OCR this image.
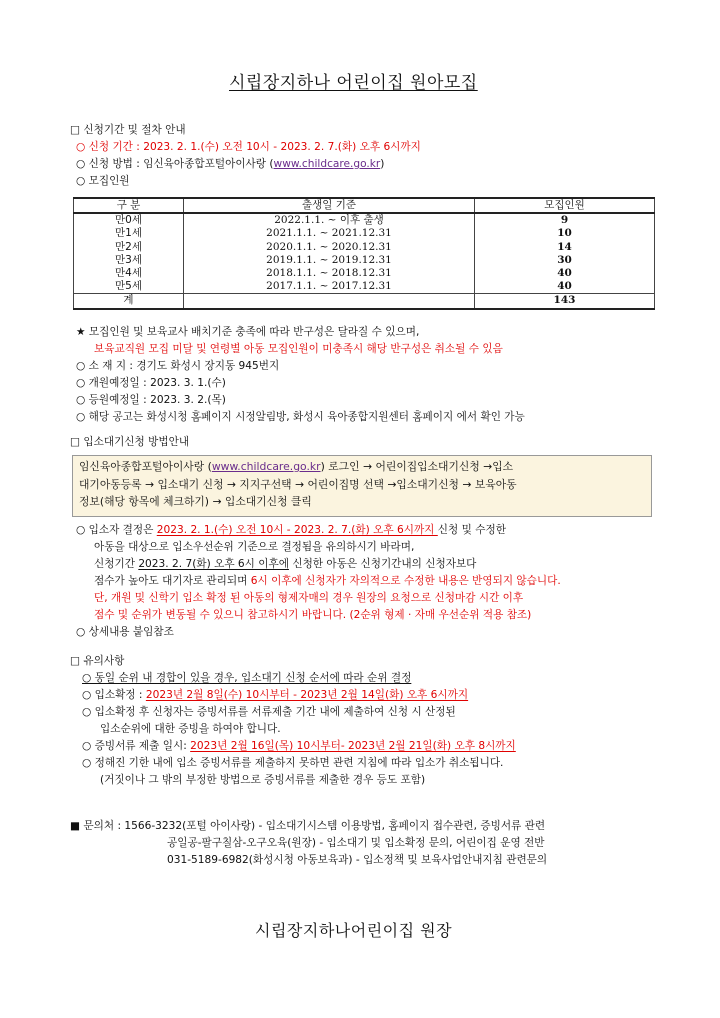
시립장지하나 어린이집 원아모집
□ 신청기간 및 절차 안내
○ 신청 기간 : 2023. 2. 1.(수) 오전 10시 - 2023. 2. 7.(화) 오후 6시까지
○ 신청 방법 : 임신육아종합포털아이사랑 (www.childcare.go.kr)
○ 모집인원
구 분	출생일 기준	모집인원
만0세	2022.1.1. ~ 이후 출생	9
만1세	2021.1.1. ~ 2021.12.31	10
만2세	2020.1.1. ~ 2020.12.31	14
만3세	2019.1.1. ~ 2019.12.31	30
만4세	2018.1.1. ~ 2018.12.31	40
만5세	2017.1.1. ~ 2017.12.31	40
계		143
★ 모집인원 및 보육교사 배치기준 충족에 따라 반구성은 달라질 수 있으며,
보육교직원 모집 미달 및 연령별 아동 모집인원이 미충족시 해당 반구성은 취소될 수 있음
○ 소 재 지 : 경기도 화성시 장지동 945번지
○ 개원예정일 : 2023. 3. 1.(수)
○ 등원예정일 : 2023. 3. 2.(목)
○ 해당 공고는 화성시청 홈페이지 시정알림방, 화성시 육아종합지원센터 홈페이지 에서 확인 가능
□ 입소대기신청 방법안내
임신육아종합포털아이사랑 (www.childcare.go.kr) 로그인 → 어린이집입소대기신청 →입소
대기아동등록 → 입소대기 신청 → 지지구선택 → 어린이집명 선택 →입소대기신청 → 보육아동
정보(해당 항목에 체크하기) → 입소대기신청 클릭
○ 입소자 결정은 2023. 2. 1.(수) 오전 10시 - 2023. 2. 7.(화) 오후 6시까지 신청 및 수정한
아동을 대상으로 입소우선순위 기준으로 결정됨을 유의하시기 바라며,
신청기간 2023. 2. 7(화) 오후 6시 이후에 신청한 아동은 신청기간내의 신청자보다
점수가 높아도 대기자로 관리되며 6시 이후에 신청자가 자의적으로 수정한 내용은 반영되지 않습니다.
단, 개원 및 신학기 입소 확정 된 아동의 형제자매의 경우 원장의 요청으로 신청마감 시간 이후
점수 및 순위가 변동될 수 있으니 참고하시기 바랍니다. (2순위 형제 · 자매 우선순위 적용 참조)
○ 상세내용 붙임참조
□ 유의사항
○ 동일 순위 내 경합이 있을 경우, 입소대기 신청 순서에 따라 순위 결정
○ 입소확정 : 2023년 2월 8일(수) 10시부터 - 2023년 2월 14일(화) 오후 6시까지
○ 입소확정 후 신청자는 증빙서류를 서류제출 기간 내에 제출하여 신청 시 산정된
입소순위에 대한 증빙을 하여야 합니다.
○ 증빙서류 제출 일시: 2023년 2월 16일(목) 10시부터- 2023년 2월 21일(화) 오후 8시까지
○ 정해진 기한 내에 입소 증빙서류를 제출하지 못하면 관련 지침에 따라 입소가 취소됩니다.
(거짓이나 그 밖의 부정한 방법으로 증빙서류를 제출한 경우 등도 포함)
■ 문의처 : 1566-3232(포털 아이사랑) - 입소대기시스템 이용방법, 홈페이지 접수관련, 증빙서류 관련
공일공-팔구칠삼-오구오육(원장) - 입소대기 및 입소확정 문의, 어린이집 운영 전반
031-5189-6982(화성시청 아동보육과) - 입소정책 및 보육사업안내지침 관련문의
시립장지하나어린이집 원장
